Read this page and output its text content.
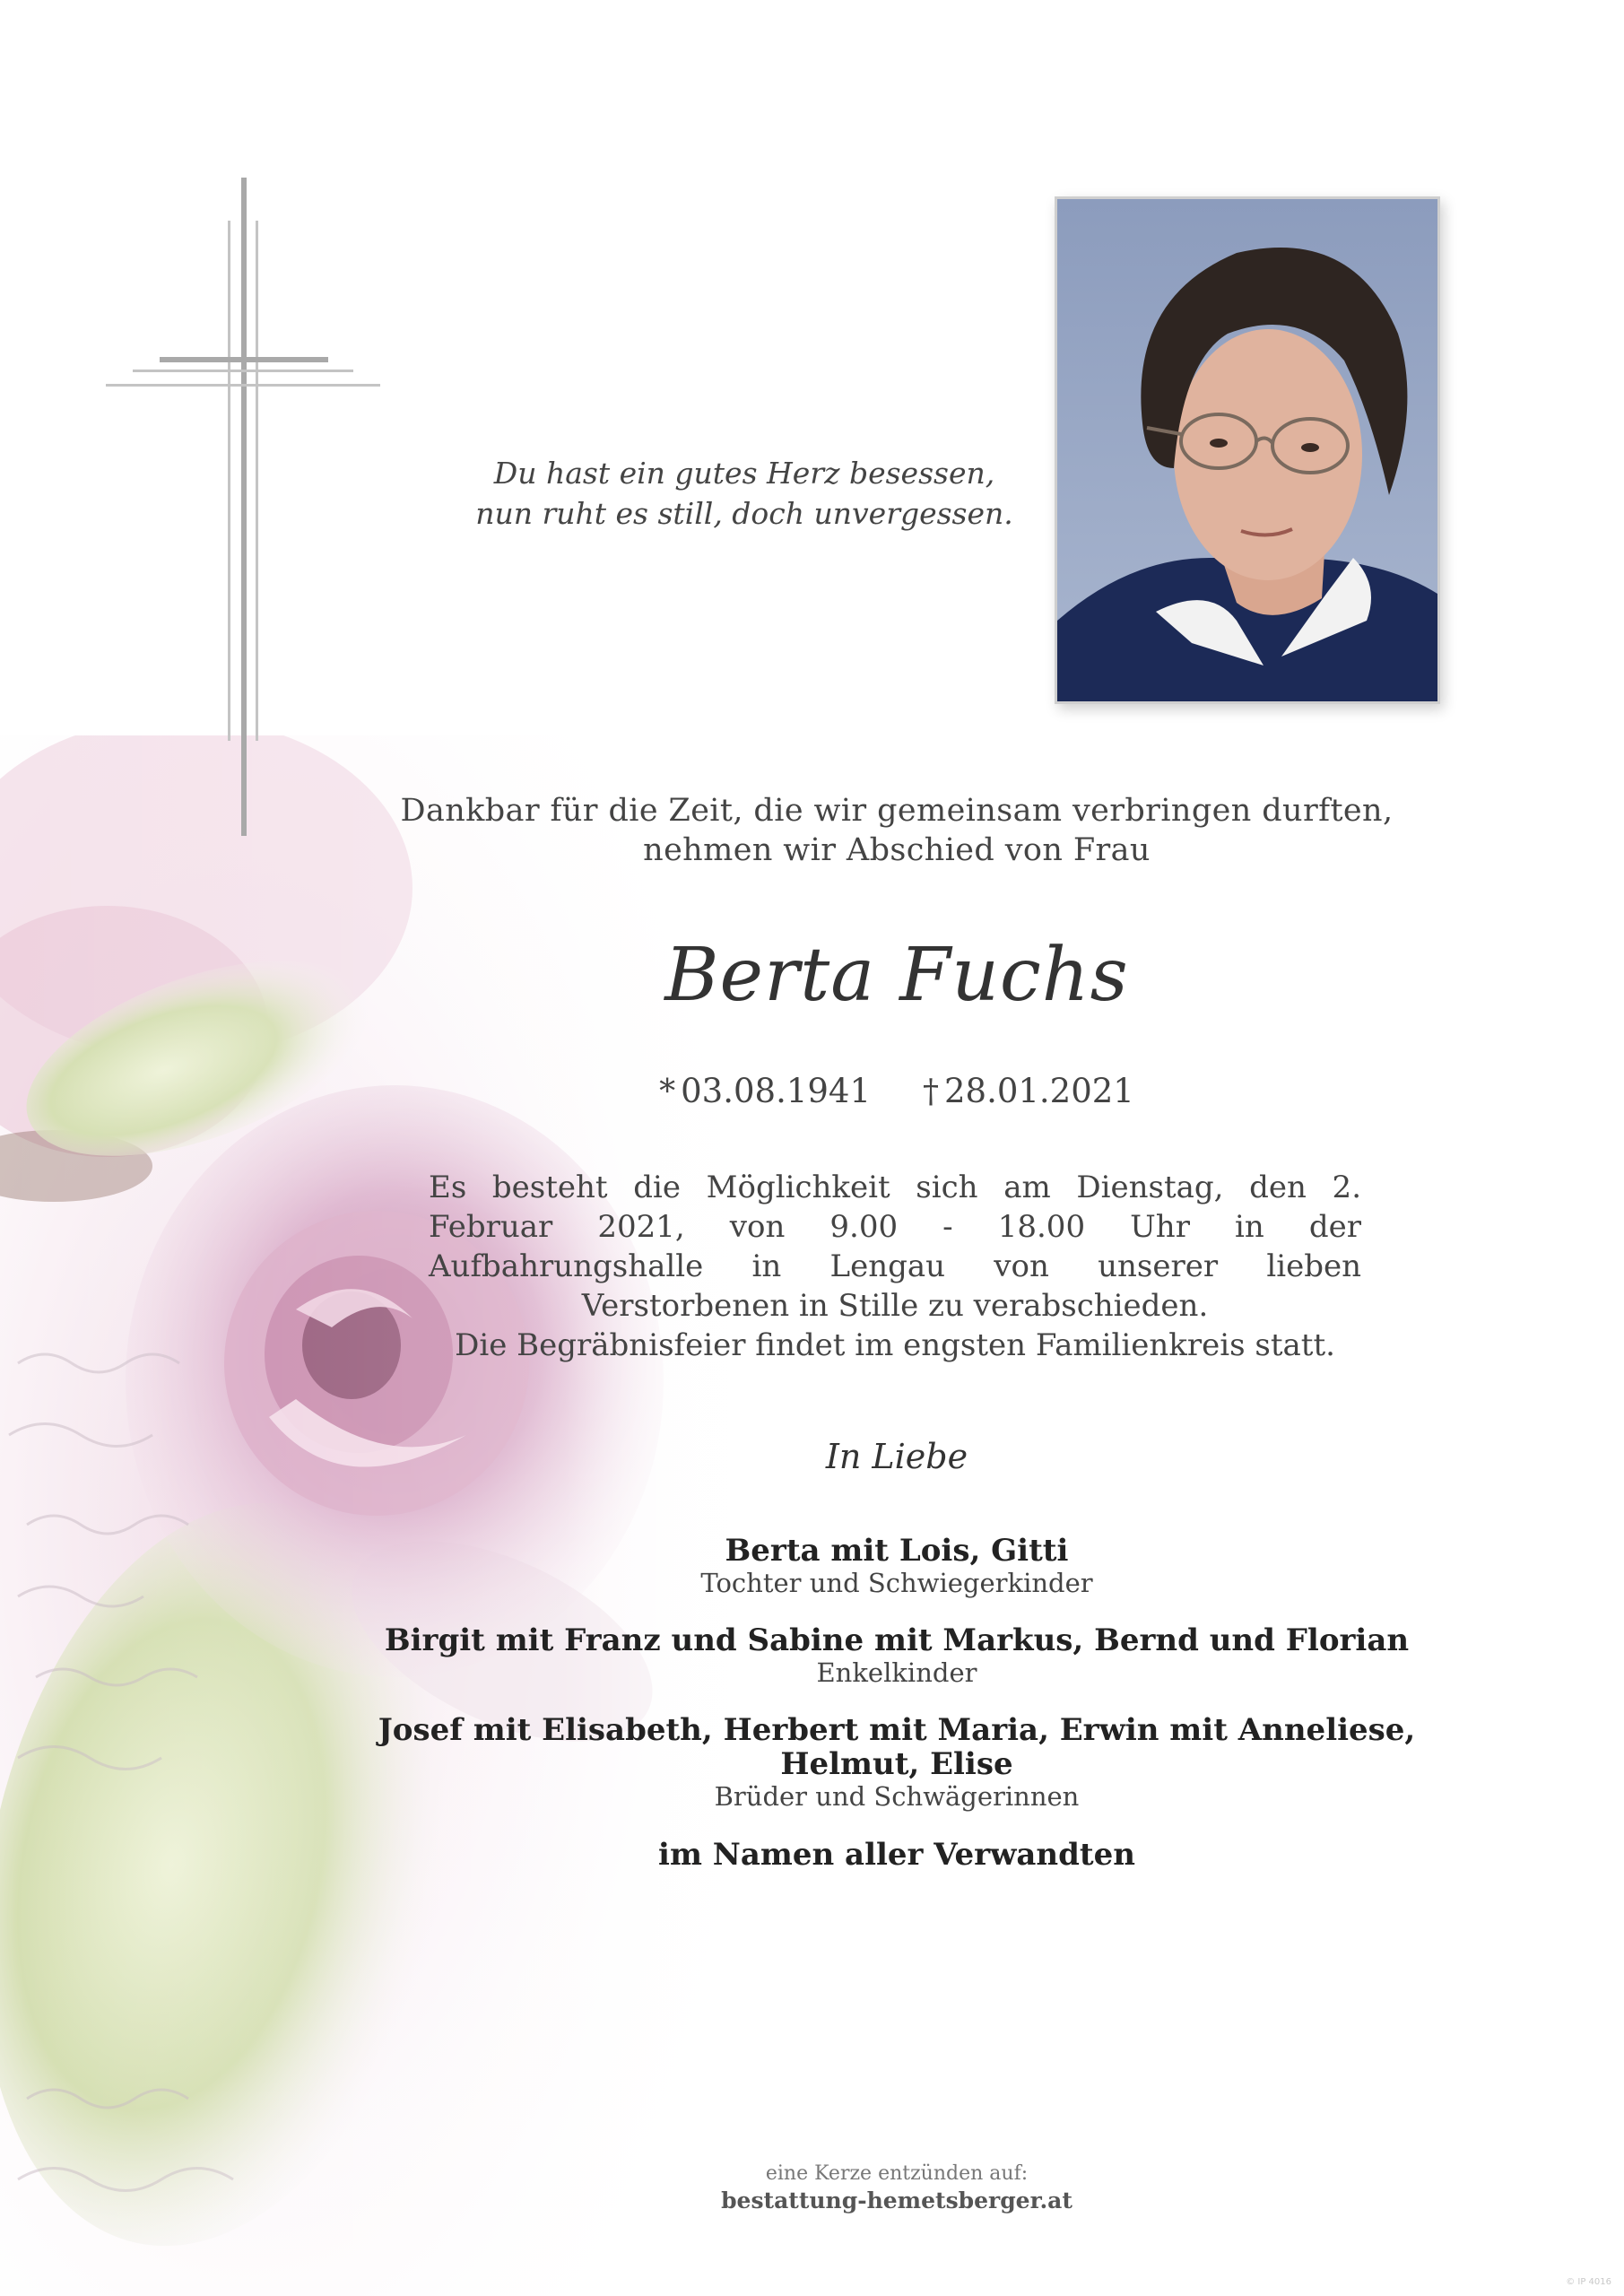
Du hast ein gutes Herz besessen,
nun ruht es still, doch unvergessen.
Dankbar für die Zeit, die wir gemeinsam verbringen durften,
nehmen wir Abschied von Frau
Berta Fuchs
* 03.08.1941 † 28.01.2021
Es besteht die Möglichkeit sich am Dienstag, den 2. Februar 2021, von 9.00 - 18.00 Uhr in der Aufbahrungshalle in Lengau von unserer lieben Verstorbenen in Stille zu verabschieden.
Die Begräbnisfeier findet im engsten Familienkreis statt.
In Liebe
Berta mit Lois, Gitti
Tochter und Schwiegerkinder
Birgit mit Franz und Sabine mit Markus, Bernd und Florian
Enkelkinder
Josef mit Elisabeth, Herbert mit Maria, Erwin mit Anneliese,
Helmut, Elise
Brüder und Schwägerinnen
im Namen aller Verwandten
eine Kerze entzünden auf:
bestattung-hemetsberger.at
© IP 4016
